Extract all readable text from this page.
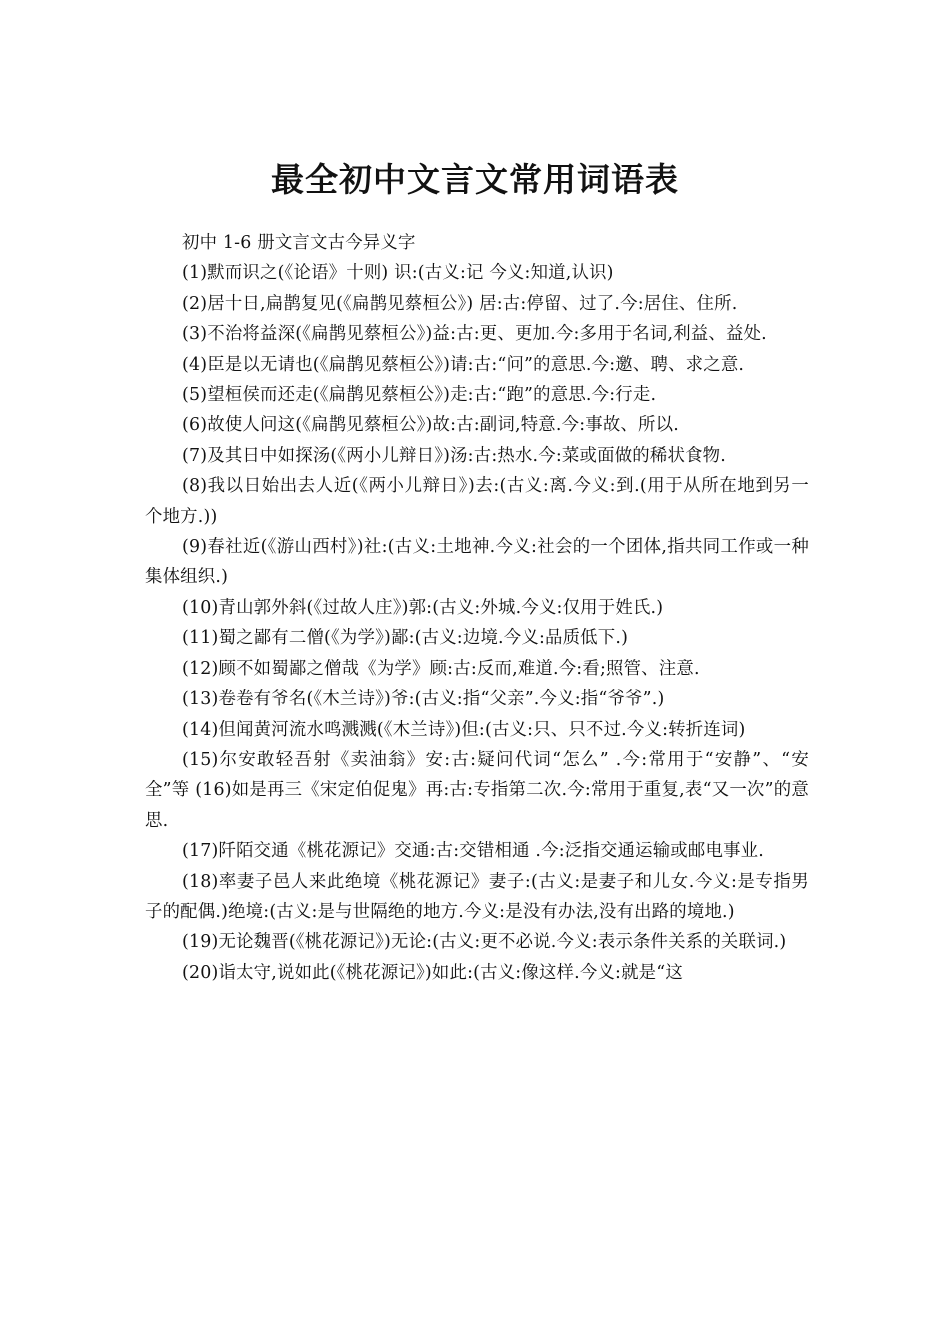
最全初中文言文常用词语表

初中 1-6 册文言文古今异义字

(1)默而识之(《论语》十则) 识:(古义:记 今义:知道,认识)

(2)居十日,扁鹊复见(《扁鹊见蔡桓公》) 居:古:停留、过了.今:居住、住所.

(3)不治将益深(《扁鹊见蔡桓公》)益:古:更、更加.今:多用于名词,利益、益处.

(4)臣是以无请也(《扁鹊见蔡桓公》)请:古:“问”的意思.今:邀、聘、求之意.

(5)望桓侯而还走(《扁鹊见蔡桓公》)走:古:“跑”的意思.今:行走.

(6)故使人问这(《扁鹊见蔡桓公》)故:古:副词,特意.今:事故、所以.

(7)及其日中如探汤(《两小儿辩日》)汤:古:热水.今:菜或面做的稀状食物.

(8)我以日始出去人近(《两小儿辩日》)去:(古义:离.今义:到.(用于从所在地到另一个地方.))

(9)春社近(《游山西村》)社:(古义:土地神.今义:社会的一个团体,指共同工作或一种集体组织.)

(10)青山郭外斜(《过故人庄》)郭:(古义:外城.今义:仅用于姓氏.)

(11)蜀之鄙有二僧(《为学》)鄙:(古义:边境.今义:品质低下.)

(12)顾不如蜀鄙之僧哉《为学》顾:古:反而,难道.今:看;照管、注意.

(13)卷卷有爷名(《木兰诗》)爷:(古义:指“父亲”.今义:指“爷爷”.)

(14)但闻黄河流水鸣溅溅(《木兰诗》)但:(古义:只、只不过.今义:转折连词)

(15)尔安敢轻吾射《卖油翁》安:古:疑问代词“怎么” .今:常用于“安静”、“安全”等 (16)如是再三《宋定伯促鬼》再:古:专指第二次.今:常用于重复,表“又一次”的意思.

(17)阡陌交通《桃花源记》交通:古:交错相通 .今:泛指交通运输或邮电事业.

(18)率妻子邑人来此绝境《桃花源记》妻子:(古义:是妻子和儿女.今义:是专指男子的配偶.)绝境:(古义:是与世隔绝的地方.今义:是没有办法,没有出路的境地.)

(19)无论魏晋(《桃花源记》)无论:(古义:更不必说.今义:表示条件关系的关联词.)

(20)诣太守,说如此(《桃花源记》)如此:(古义:像这样.今义:就是“这
